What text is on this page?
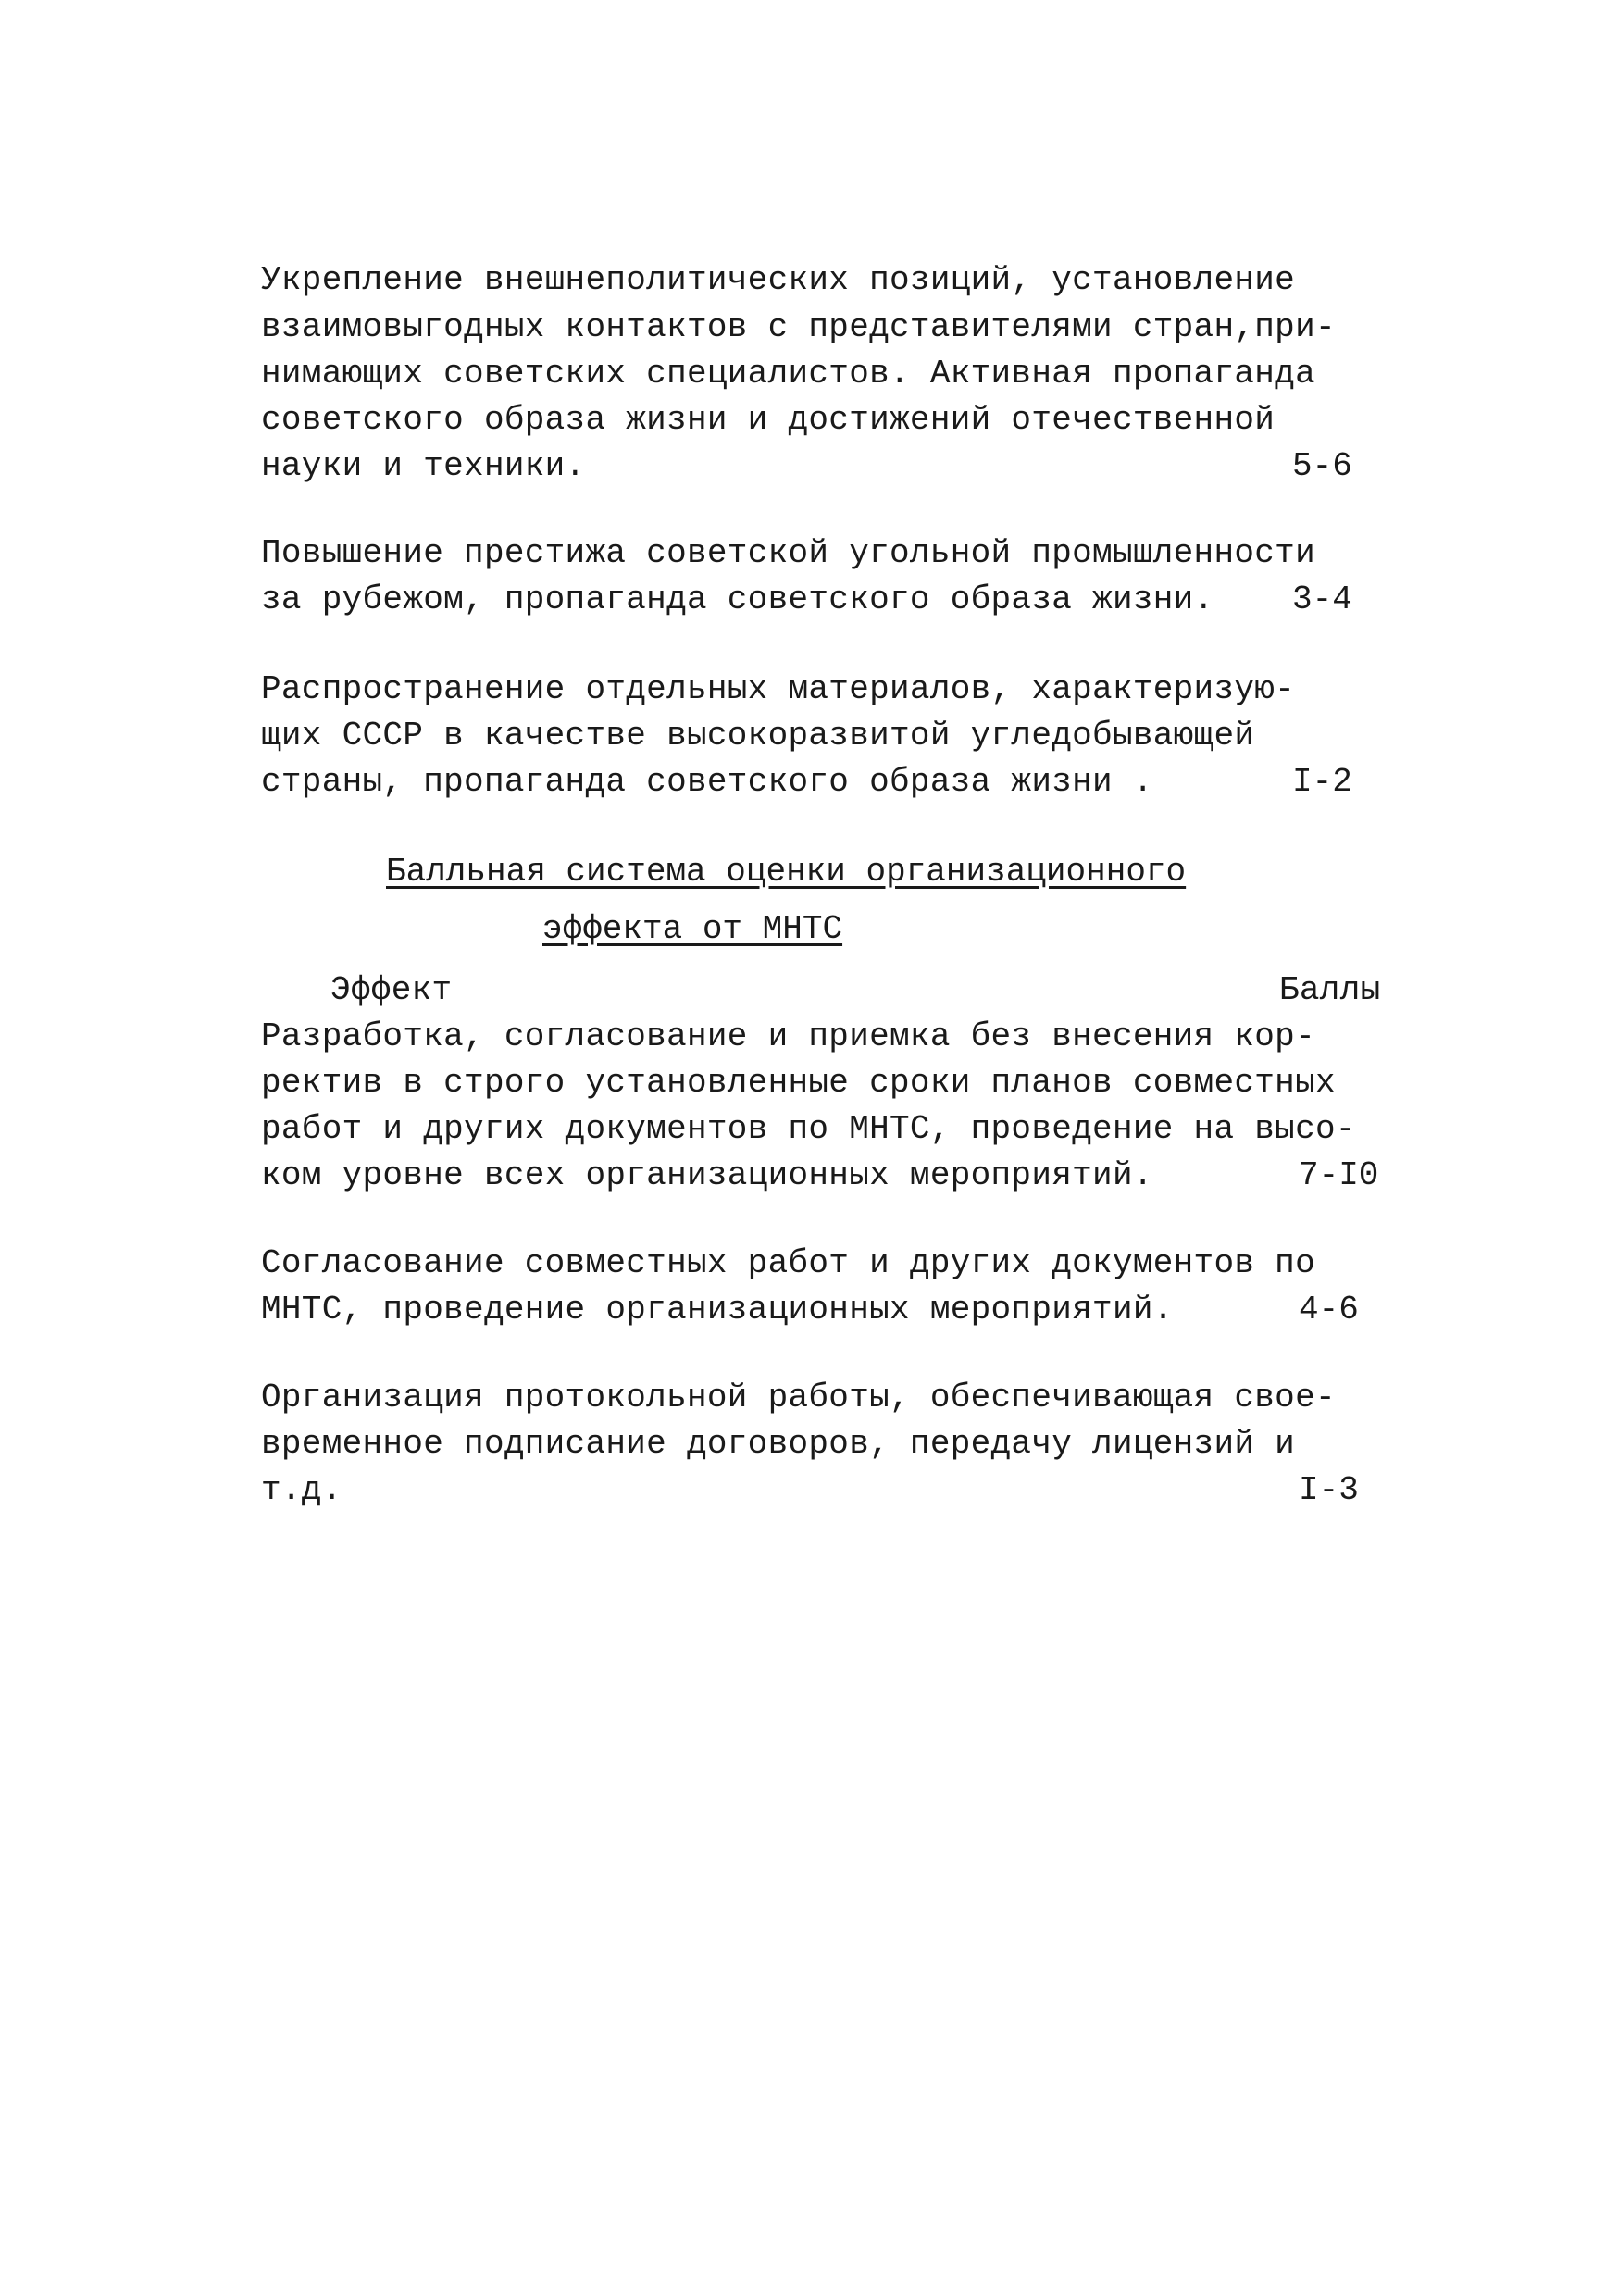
Укрепление внешнеполитических позиций, установление
взаимовыгодных контактов с представителями стран,при-
нимающих советских специалистов. Активная пропаганда
советского образа жизни и достижений отечественной
науки и техники.	5-6
Повышение престижа советской угольной промышленности
за рубежом, пропаганда советского образа жизни. 3-4
Распространение отдельных материалов, характеризую-
щих СССР в качестве высокоразвитой угледобывающей
страны, пропаганда советского образа жизни .	I-2
Балльная система оценки организационного
эффекта от МНТС
Эффект	Баллы
Разработка, согласование и приемка без внесения кор-
ректив в строго установленные сроки планов совместных
работ и других документов по МНТС, проведение на высо-
ком уровне всех организационных мероприятий.	7-I0
Согласование совместных работ и других документов по
МНТС, проведение организационных мероприятий.	4-6
Организация протокольной работы, обеспечивающая свое-
временное подписание договоров, передачу лицензий и
т.д.	I-3
